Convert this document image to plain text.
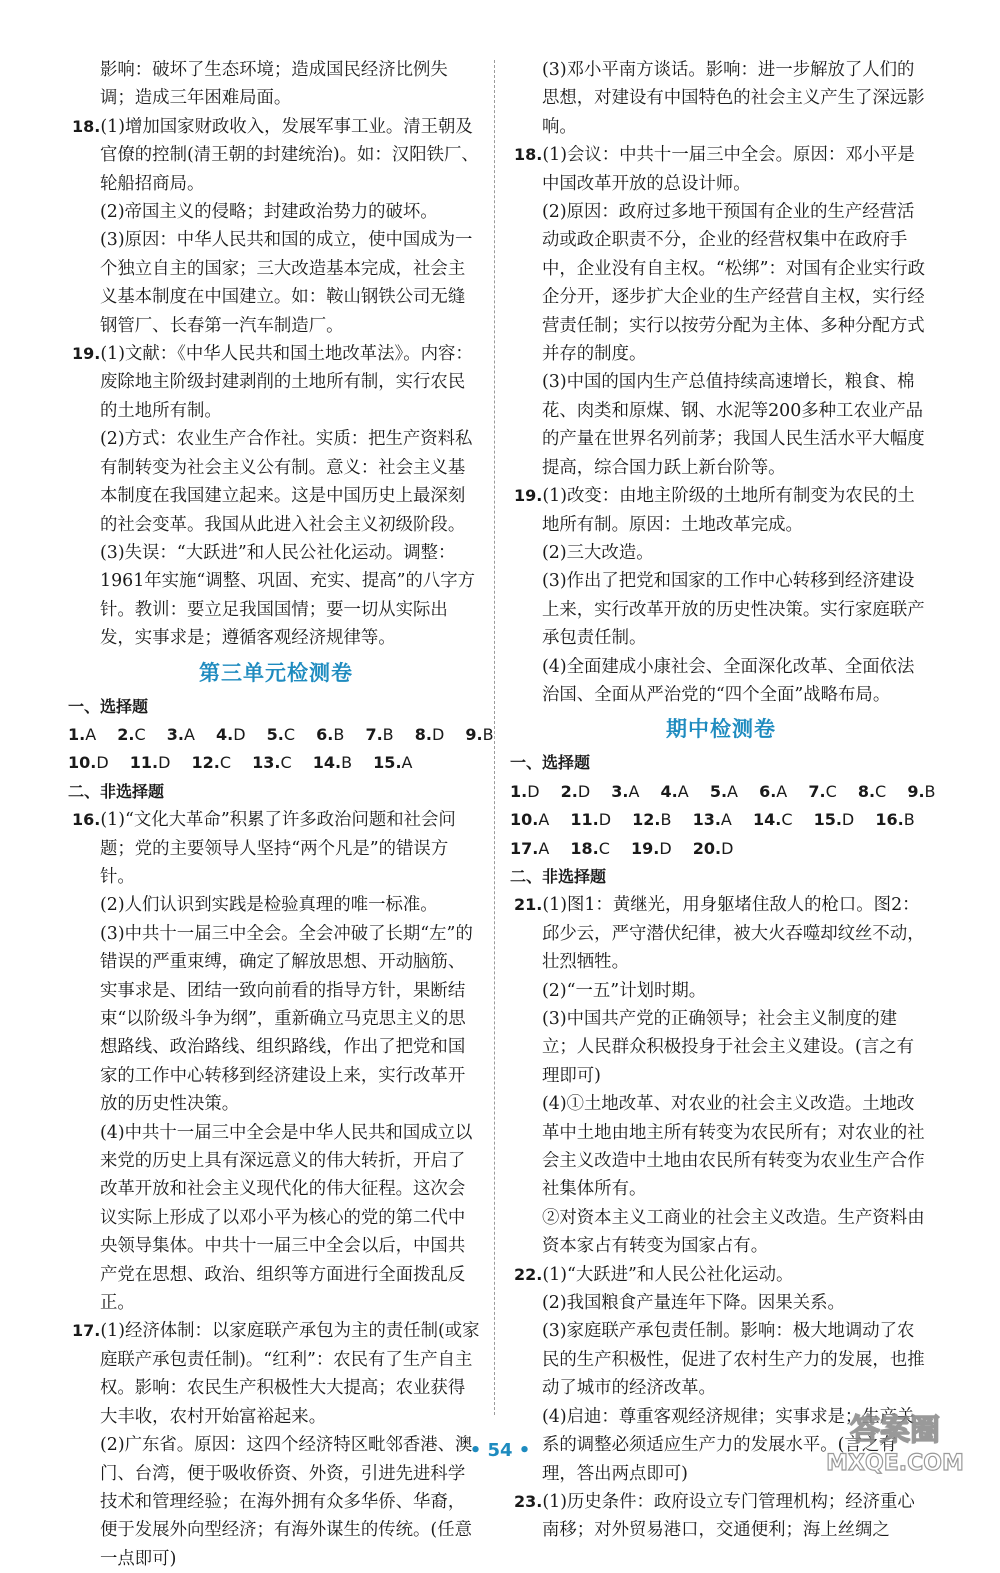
影响：破坏了生态环境；造成国民经济比例失调；造成三年困难局面。

18.(1)增加国家财政收入，发展军事工业。清王朝及官僚的控制(清王朝的封建统治)。如：汉阳铁厂、轮船招商局。

(2)帝国主义的侵略；封建政治势力的破坏。

(3)原因：中华人民共和国的成立，使中国成为一个独立自主的国家；三大改造基本完成，社会主义基本制度在中国建立。如：鞍山钢铁公司无缝钢管厂、长春第一汽车制造厂。

19.(1)文献：《中华人民共和国土地改革法》。内容：废除地主阶级封建剥削的土地所有制，实行农民的土地所有制。

(2)方式：农业生产合作社。实质：把生产资料私有制转变为社会主义公有制。意义：社会主义基本制度在我国建立起来。这是中国历史上最深刻的社会变革。我国从此进入社会主义初级阶段。

(3)失误：“大跃进”和人民公社化运动。调整：1961年实施“调整、巩固、充实、提高”的八字方针。教训：要立足我国国情；要一切从实际出发，实事求是；遵循客观经济规律等。

第三单元检测卷

一、选择题

1.A 2.C 3.A 4.D 5.C 6.B 7.B 8.D 9.B

10.D 11.D 12.C 13.C 14.B 15.A

二、非选择题

16.(1)“文化大革命”积累了许多政治问题和社会问题；党的主要领导人坚持“两个凡是”的错误方针。

(2)人们认识到实践是检验真理的唯一标准。

(3)中共十一届三中全会。全会冲破了长期“左”的错误的严重束缚，确定了解放思想、开动脑筋、实事求是、团结一致向前看的指导方针，果断结束“以阶级斗争为纲”，重新确立马克思主义的思想路线、政治路线、组织路线，作出了把党和国家的工作中心转移到经济建设上来，实行改革开放的历史性决策。

(4)中共十一届三中全会是中华人民共和国成立以来党的历史上具有深远意义的伟大转折，开启了改革开放和社会主义现代化的伟大征程。这次会议实际上形成了以邓小平为核心的党的第二代中央领导集体。中共十一届三中全会以后，中国共产党在思想、政治、组织等方面进行全面拨乱反正。

17.(1)经济体制：以家庭联产承包为主的责任制(或家庭联产承包责任制)。“红利”：农民有了生产自主权。影响：农民生产积极性大大提高；农业获得大丰收，农村开始富裕起来。

(2)广东省。原因：这四个经济特区毗邻香港、澳门、台湾，便于吸收侨资、外资，引进先进科学技术和管理经验；在海外拥有众多华侨、华裔，便于发展外向型经济；有海外谋生的传统。(任意一点即可)

(3)邓小平南方谈话。影响：进一步解放了人们的思想，对建设有中国特色的社会主义产生了深远影响。

18.(1)会议：中共十一届三中全会。原因：邓小平是中国改革开放的总设计师。

(2)原因：政府过多地干预国有企业的生产经营活动或政企职责不分，企业的经营权集中在政府手中，企业没有自主权。“松绑”：对国有企业实行政企分开，逐步扩大企业的生产经营自主权，实行经营责任制；实行以按劳分配为主体、多种分配方式并存的制度。

(3)中国的国内生产总值持续高速增长，粮食、棉花、肉类和原煤、钢、水泥等200多种工农业产品的产量在世界名列前茅；我国人民生活水平大幅度提高，综合国力跃上新台阶等。

19.(1)改变：由地主阶级的土地所有制变为农民的土地所有制。原因：土地改革完成。

(2)三大改造。

(3)作出了把党和国家的工作中心转移到经济建设上来，实行改革开放的历史性决策。实行家庭联产承包责任制。

(4)全面建成小康社会、全面深化改革、全面依法治国、全面从严治党的“四个全面”战略布局。

期中检测卷

一、选择题

1.D 2.D 3.A 4.A 5.A 6.A 7.C 8.C 9.B

10.A 11.D 12.B 13.A 14.C 15.D 16.B

17.A 18.C 19.D 20.D

二、非选择题

21.(1)图1：黄继光，用身躯堵住敌人的枪口。图2：邱少云，严守潜伏纪律，被大火吞噬却纹丝不动，壮烈牺牲。

(2)“一五”计划时期。

(3)中国共产党的正确领导；社会主义制度的建立；人民群众积极投身于社会主义建设。(言之有理即可)

(4)①土地改革、对农业的社会主义改造。土地改革中土地由地主所有转变为农民所有；对农业的社会主义改造中土地由农民所有转变为农业生产合作社集体所有。

②对资本主义工商业的社会主义改造。生产资料由资本家占有转变为国家占有。

22.(1)“大跃进”和人民公社化运动。

(2)我国粮食产量连年下降。因果关系。

(3)家庭联产承包责任制。影响：极大地调动了农民的生产积极性，促进了农村生产力的发展，也推动了城市的经济改革。

(4)启迪：尊重客观经济规律；实事求是；生产关系的调整必须适应生产力的发展水平。(言之有理，答出两点即可)

23.(1)历史条件：政府设立专门管理机构；经济重心南移；对外贸易港口，交通便利；海上丝绸之

• 54 •
答案圈
MXQE.COM
